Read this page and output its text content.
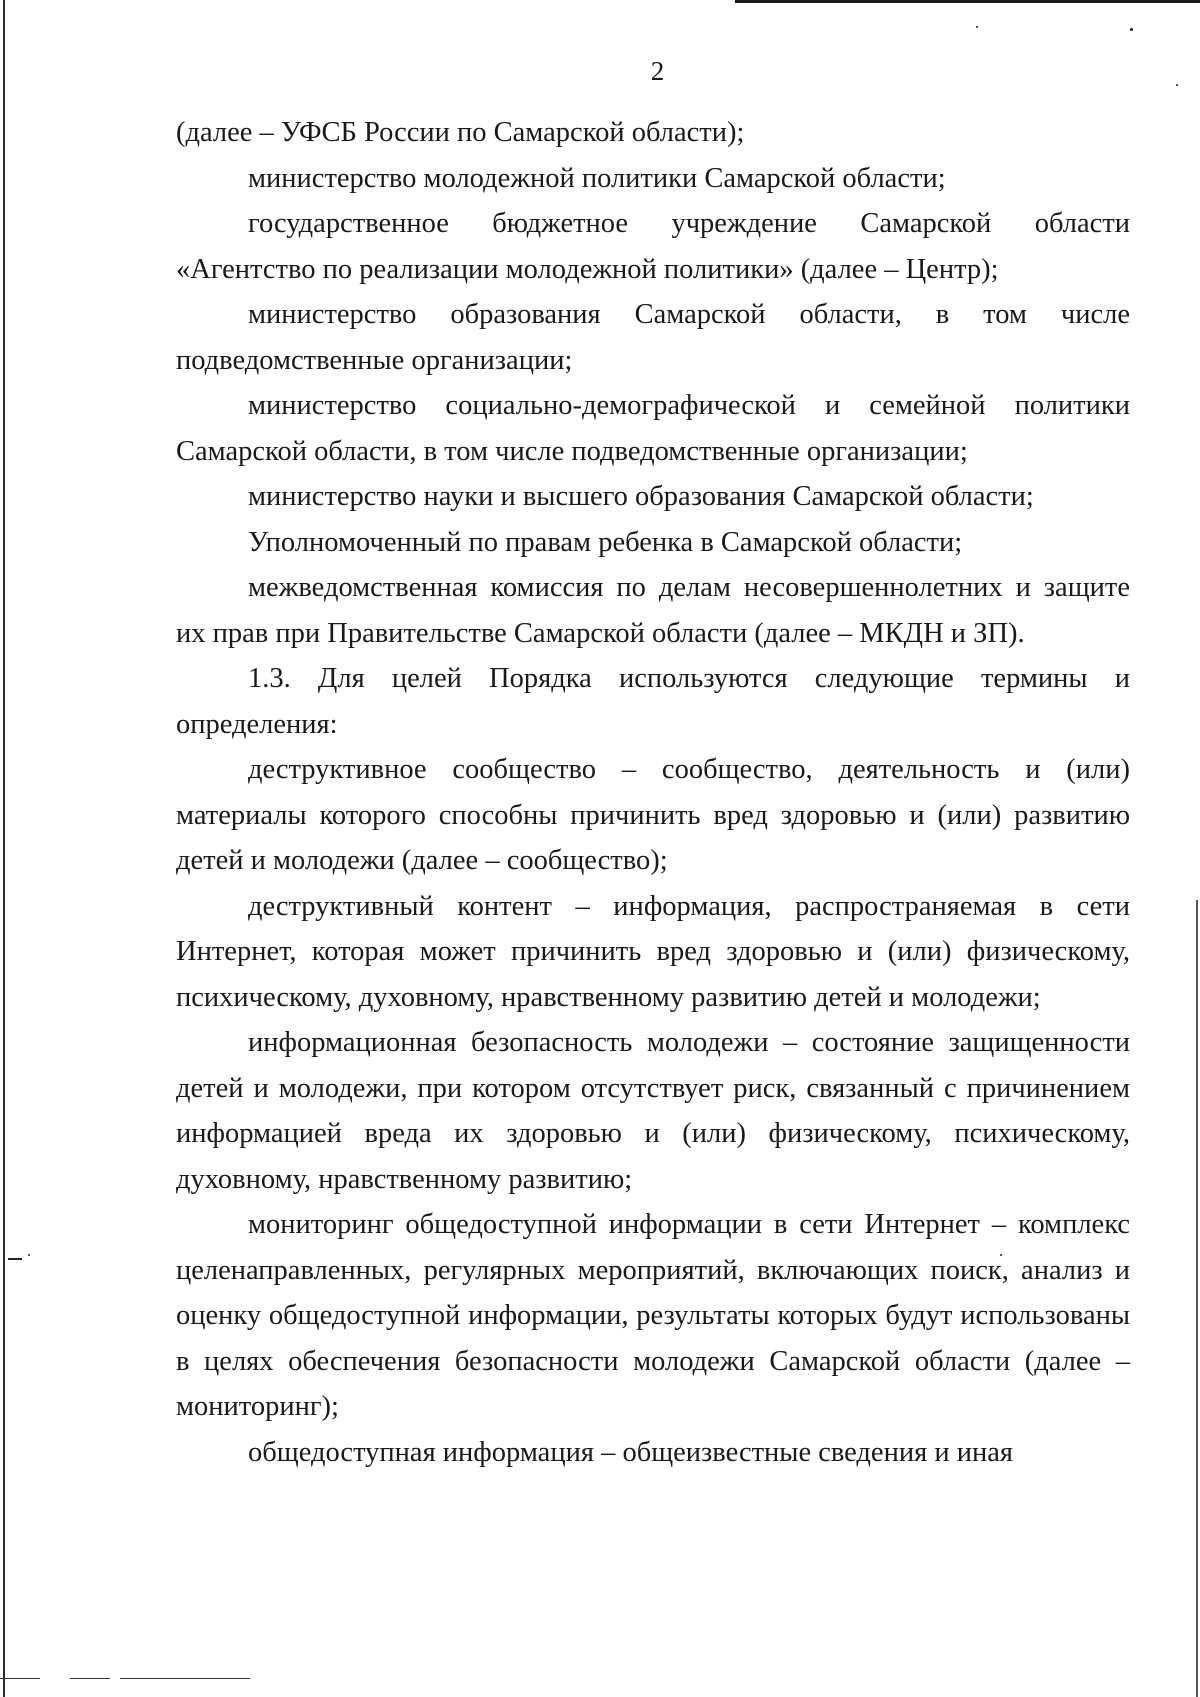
2

(далее – УФСБ России по Самарской области);

министерство молодежной политики Самарской области;

государственное бюджетное учреждение Самарской области «Агентство по реализации молодежной политики» (далее – Центр);

министерство образования Самарской области, в том числе подведомственные организации;

министерство социально-демографической и семейной политики Самарской области, в том числе подведомственные организации;

министерство науки и высшего образования Самарской области;

Уполномоченный по правам ребенка в Самарской области;

межведомственная комиссия по делам несовершеннолетних и защите их прав при Правительстве Самарской области (далее – МКДН и ЗП).

1.3. Для целей Порядка используются следующие термины и определения:

деструктивное сообщество – сообщество, деятельность и (или) материалы которого способны причинить вред здоровью и (или) развитию детей и молодежи (далее – сообщество);

деструктивный контент – информация, распространяемая в сети Интернет, которая может причинить вред здоровью и (или) физическому, психическому, духовному, нравственному развитию детей и молодежи;

информационная безопасность молодежи – состояние защищенности детей и молодежи, при котором отсутствует риск, связанный с причинением информацией вреда их здоровью и (или) физическому, психическому, духовному, нравственному развитию;

мониторинг общедоступной информации в сети Интернет – комплекс целенаправленных, регулярных мероприятий, включающих поиск, анализ и оценку общедоступной информации, результаты которых будут использованы в целях обеспечения безопасности молодежи Самарской области (далее – мониторинг);

общедоступная информация – общеизвестные сведения и иная
